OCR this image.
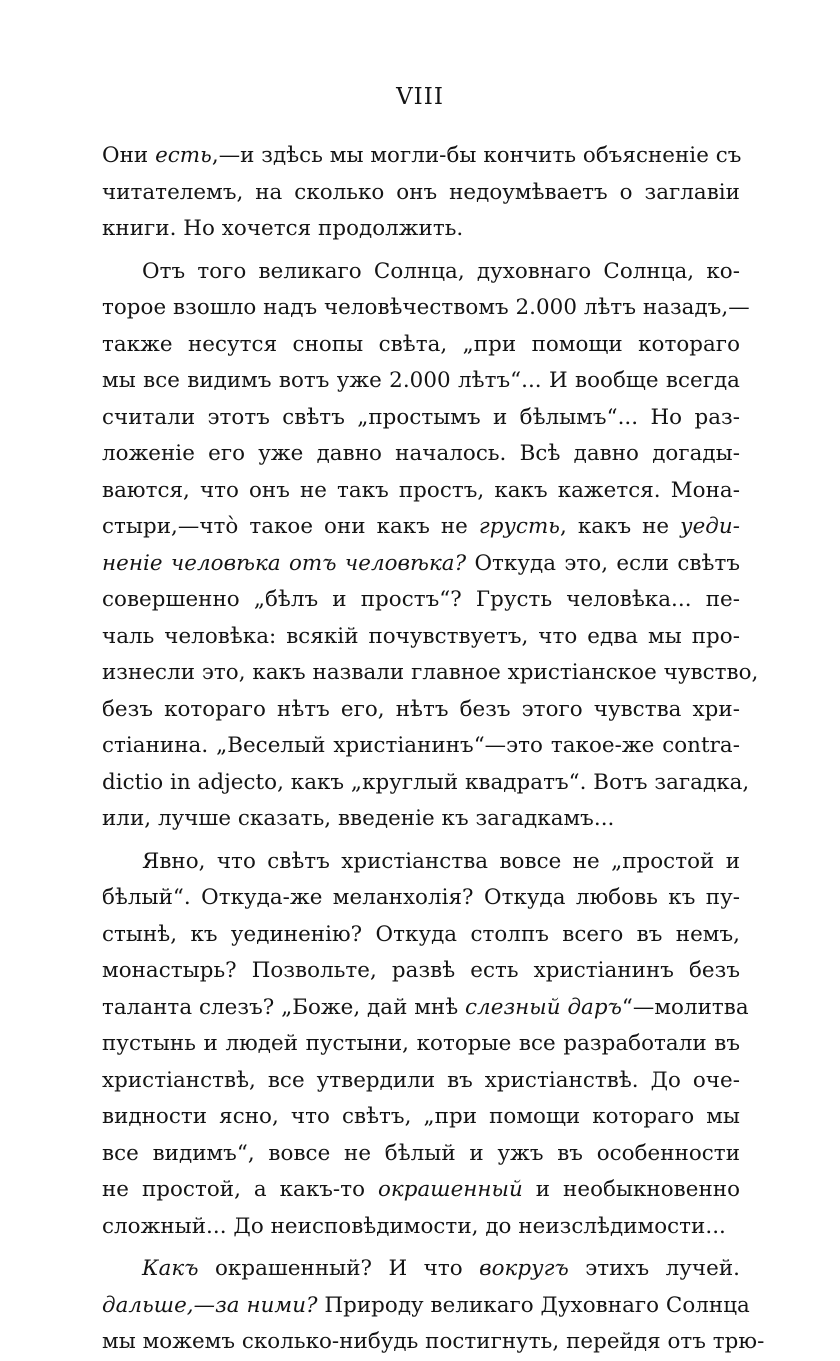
VIII
Они есть,—и здѣсь мы могли-бы кончить объясненіе съ
читателемъ, на сколько онъ недоумѣваетъ о заглавіи
книги. Но хочется продолжить.
Отъ того великаго Солнца, духовнаго Солнца, ко-
торое взошло надъ человѣчествомъ 2.000 лѣтъ назадъ,—
также несутся снопы свѣта, „при помощи котораго
мы все видимъ вотъ уже 2.000 лѣтъ“... И вообще всегда
считали этотъ свѣтъ „простымъ и бѣлымъ“... Но раз-
ложеніе его уже давно началось. Всѣ давно догады-
ваются, что онъ не такъ простъ, какъ кажется. Мона-
стыри,—что̀ такое они какъ не грусть, какъ не уеди-
неніе человѣка отъ человѣка? Откуда это, если свѣтъ
совершенно „бѣлъ и простъ“? Грусть человѣка... пе-
чаль человѣка: всякій почувствуетъ, что едва мы про-
изнесли это, какъ назвали главное христіанское чувство,
безъ котораго нѣтъ его, нѣтъ безъ этого чувства хри-
стіанина. „Веселый христіанинъ“—это такое-же contra-
dictio in adjecto, какъ „круглый квадратъ“. Вотъ загадка,
или, лучше сказать, введеніе къ загадкамъ...
Явно, что свѣтъ христіанства вовсе не „простой и
бѣлый“. Откуда-же меланхолія? Откуда любовь къ пу-
стынѣ, къ уединенію? Откуда столпъ всего въ немъ,
монастырь? Позвольте, развѣ есть христіанинъ безъ
таланта слезъ? „Боже, дай мнѣ слезный даръ“—молитва
пустынь и людей пустыни, которые все разработали въ
христіанствѣ, все утвердили въ христіанствѣ. До оче-
видности ясно, что свѣтъ, „при помощи котораго мы
все видимъ“, вовсе не бѣлый и ужъ въ особенности
не простой, а какъ-то окрашенный и необыкновенно
сложный... До неисповѣдимости, до неизслѣдимости...
Какъ окрашенный? И что вокругъ этихъ лучей.
дальше,—за ними? Природу великаго Духовнаго Солнца
мы можемъ сколько-нибудь постигнуть, перейдя отъ трю-
